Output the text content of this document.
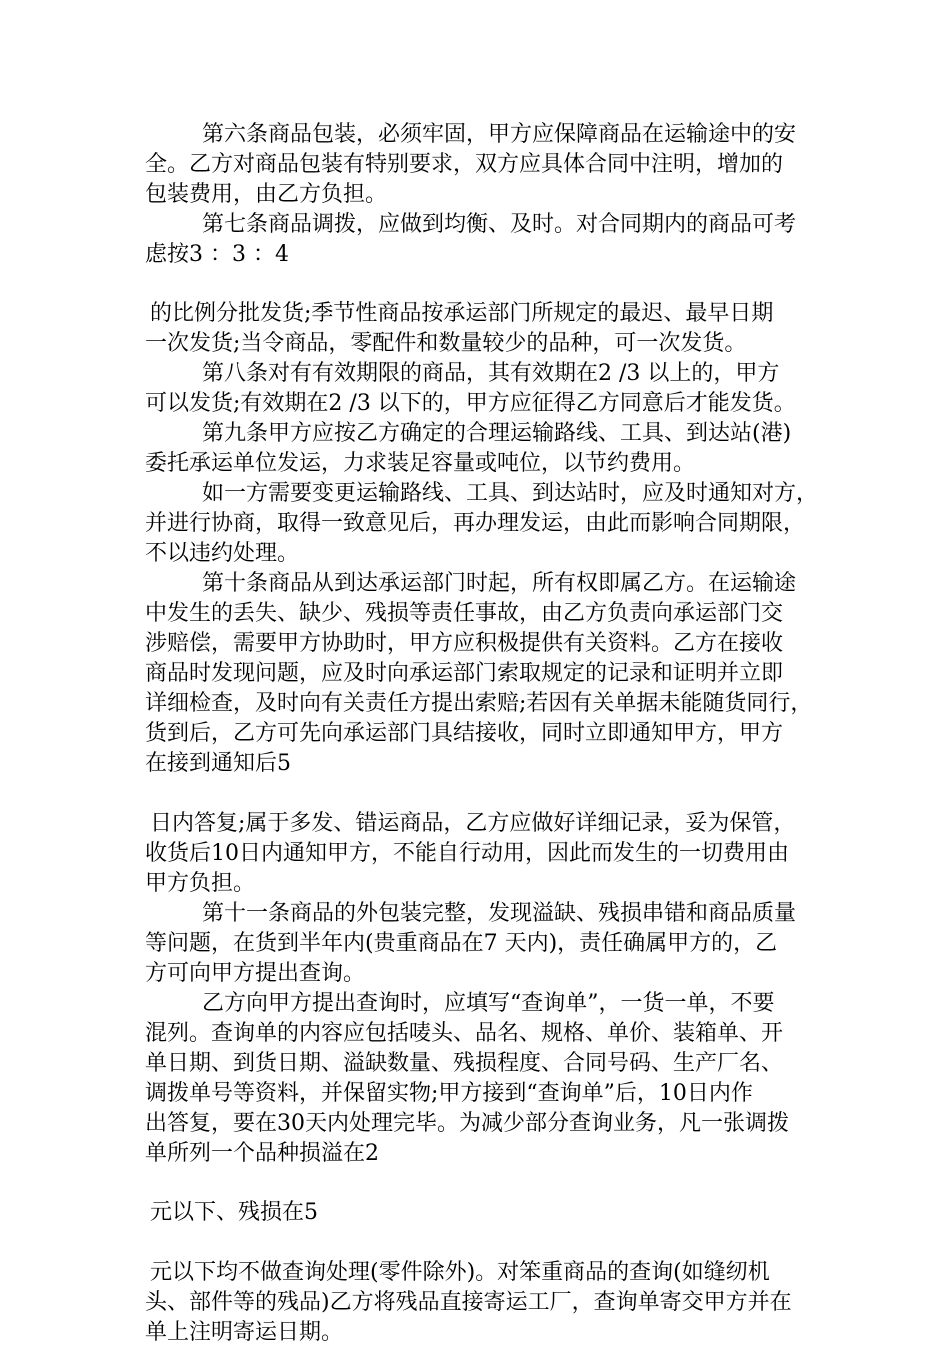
第六条商品包装，必须牢固，甲方应保障商品在运输途中的安
全。乙方对商品包装有特别要求，双方应具体合同中注明，增加的
包装费用，由乙方负担。
第七条商品调拨，应做到均衡、及时。对合同期内的商品可考
虑按3 ：3 ：4
的比例分批发货;季节性商品按承运部门所规定的最迟、最早日期
一次发货;当令商品，零配件和数量较少的品种，可一次发货。
第八条对有有效期限的商品，其有效期在2 /3 以上的，甲方
可以发货;有效期在2 /3 以下的，甲方应征得乙方同意后才能发货。
第九条甲方应按乙方确定的合理运输路线、工具、到达站(港)
委托承运单位发运，力求装足容量或吨位，以节约费用。
如一方需要变更运输路线、工具、到达站时，应及时通知对方，
并进行协商，取得一致意见后，再办理发运，由此而影响合同期限，
不以违约处理。
第十条商品从到达承运部门时起，所有权即属乙方。在运输途
中发生的丢失、缺少、残损等责任事故，由乙方负责向承运部门交
涉赔偿，需要甲方协助时，甲方应积极提供有关资料。乙方在接收
商品时发现问题，应及时向承运部门索取规定的记录和证明并立即
详细检查，及时向有关责任方提出索赔;若因有关单据未能随货同行，
货到后，乙方可先向承运部门具结接收，同时立即通知甲方，甲方
在接到通知后5
日内答复;属于多发、错运商品，乙方应做好详细记录，妥为保管，
收货后10日内通知甲方，不能自行动用，因此而发生的一切费用由
甲方负担。
第十一条商品的外包装完整，发现溢缺、残损串错和商品质量
等问题，在货到半年内(贵重商品在7 天内)，责任确属甲方的，乙
方可向甲方提出查询。
乙方向甲方提出查询时，应填写“查询单”，一货一单，不要
混列。查询单的内容应包括唛头、品名、规格、单价、装箱单、开
单日期、到货日期、溢缺数量、残损程度、合同号码、生产厂名、
调拨单号等资料，并保留实物;甲方接到“查询单”后，10日内作
出答复，要在30天内处理完毕。为减少部分查询业务，凡一张调拨
单所列一个品种损溢在2
元以下、残损在5
元以下均不做查询处理(零件除外)。对笨重商品的查询(如缝纫机
头、部件等的残品)乙方将残品直接寄运工厂，查询单寄交甲方并在
单上注明寄运日期。
